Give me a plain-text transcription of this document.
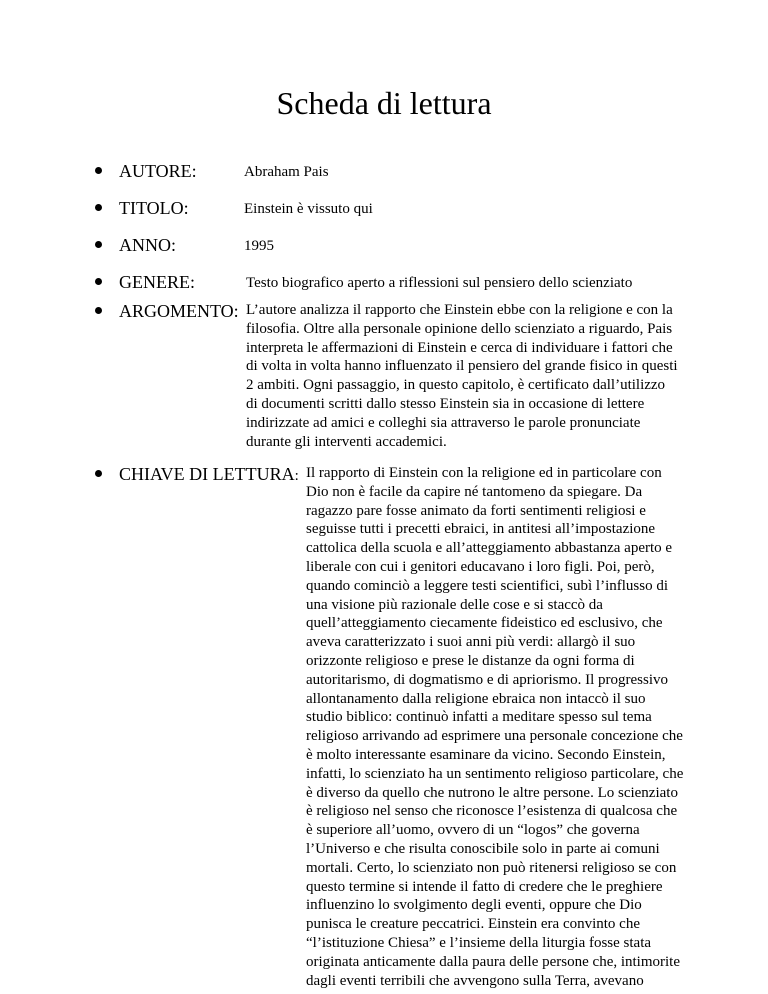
Scheda di lettura
AUTORE:	Abraham Pais
TITOLO:	Einstein è vissuto qui
ANNO:	1995
GENERE:	Testo biografico aperto a riflessioni sul pensiero dello scienziato
ARGOMENTO: L’autore analizza il rapporto che Einstein ebbe con la religione e con la
filosofia. Oltre alla personale opinione dello scienziato a riguardo, Pais
interpreta le affermazioni di Einstein e cerca di individuare i fattori che
di volta in volta hanno influenzato il pensiero del grande fisico in questi
2 ambiti. Ogni passaggio, in questo capitolo, è certificato dall’utilizzo
di documenti scritti dallo stesso Einstein sia in occasione di lettere
indirizzate ad amici e colleghi sia attraverso le parole pronunciate
durante gli interventi accademici.
CHIAVE DI LETTURA: Il rapporto di Einstein con la religione ed in particolare con
Dio non è facile da capire né tantomeno da spiegare. Da
ragazzo pare fosse animato da forti sentimenti religiosi e
seguisse tutti i precetti ebraici, in antitesi all’impostazione
cattolica della scuola e all’atteggiamento abbastanza aperto e
liberale con cui i genitori educavano i loro figli. Poi, però,
quando cominciò a leggere testi scientifici, subì l’influsso di
una visione più razionale delle cose e si staccò da
quell’atteggiamento ciecamente fideistico ed esclusivo, che
aveva caratterizzato i suoi anni più verdi: allargò il suo
orizzonte religioso e prese le distanze da ogni forma di
autoritarismo, di dogmatismo e di apriorismo. Il progressivo
allontanamento dalla religione ebraica non intaccò il suo
studio biblico: continuò infatti a meditare spesso sul tema
religioso arrivando ad esprimere una personale concezione che
è molto interessante esaminare da vicino. Secondo Einstein,
infatti, lo scienziato ha un sentimento religioso particolare, che
è diverso da quello che nutrono le altre persone. Lo scienziato
è religioso nel senso che riconosce l’esistenza di qualcosa che
è superiore all’uomo, ovvero di un “logos” che governa
l’Universo e che risulta conoscibile solo in parte ai comuni
mortali. Certo, lo scienziato non può ritenersi religioso se con
questo termine si intende il fatto di credere che le preghiere
influenzino lo svolgimento degli eventi, oppure che Dio
punisca le creature peccatrici. Einstein era convinto che
“l’istituzione Chiesa” e l’insieme della liturgia fosse stata
originata anticamente dalla paura delle persone che, intimorite
dagli eventi terribili che avvengono sulla Terra, avevano
